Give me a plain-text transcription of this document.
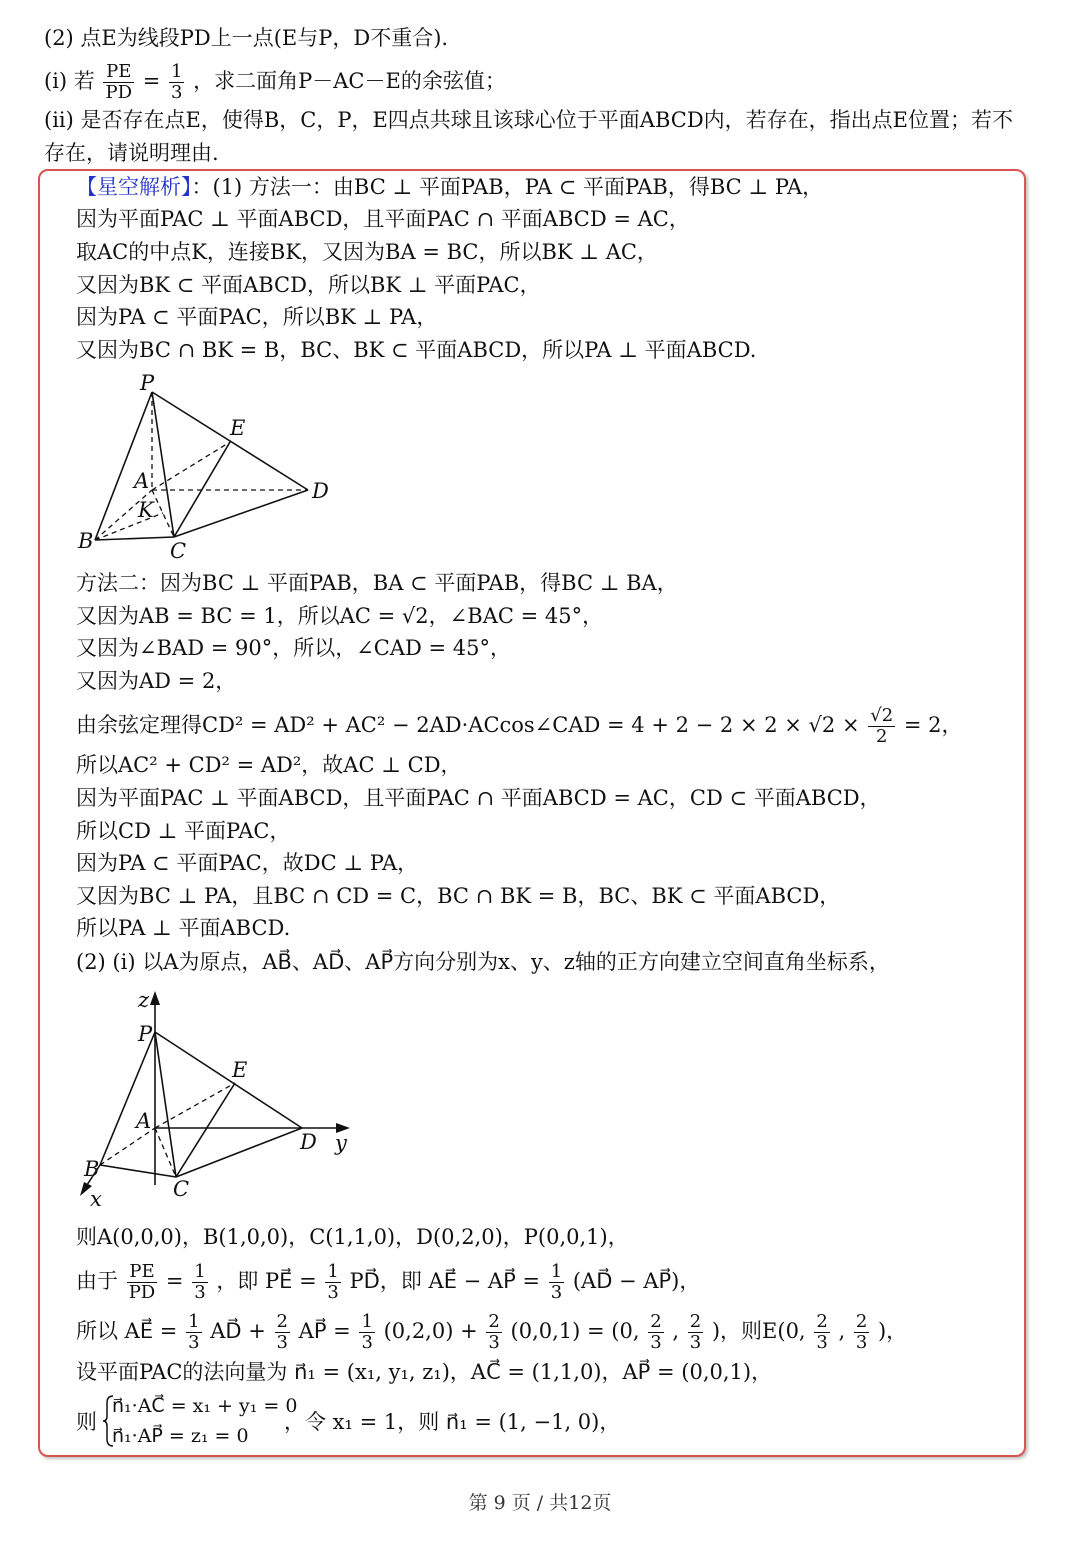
(2) 点E为线段PD上一点(E与P，D不重合).
(i) 若 $\frac{PE}{PD} = \frac{1}{3}$ ，求二面角P－AC－E的余弦值；
(ii) 是否存在点E，使得B，C，P，E四点共球且该球心位于平面ABCD内，若存在，指出点E位置；若不
存在，请说明理由.
【星空解析】：(1) 方法一：由BC ⊥ 平面PAB，PA ⊂ 平面PAB，得BC ⊥ PA，
因为平面PAC ⊥ 平面ABCD，且平面PAC ∩ 平面ABCD = AC，
取AC的中点K，连接BK，又因为BA = BC，所以BK ⊥ AC，
又因为BK ⊂ 平面ABCD，所以BK ⊥ 平面PAC，
因为PA ⊂ 平面PAC，所以BK ⊥ PA，
又因为BC ∩ BK = B，BC、BK ⊂ 平面ABCD，所以PA ⊥ 平面ABCD.
P
E
A
K
D
B	C
方法二：因为BC ⊥ 平面PAB，BA ⊂ 平面PAB，得BC ⊥ BA，
又因为AB = BC = 1，所以AC = √2，∠BAC = 45°，
又因为∠BAD = 90°，所以，∠CAD = 45°，
又因为AD = 2，
由余弦定理得CD² = AD² + AC² − 2AD·ACcos∠CAD = $4 + 2 - 2 \times 2 \times √2 \times \frac{√2}{2} = 2$，
所以AC² + CD² = AD²，故AC ⊥ CD，
因为平面PAC ⊥ 平面ABCD，且平面PAC ∩ 平面ABCD = AC，CD ⊂ 平面ABCD，
所以CD ⊥ 平面PAC，
因为PA ⊂ 平面PAC，故DC ⊥ PA，
又因为BC ⊥ PA，且BC ∩ CD = C，BC ∩ BK = B，BC、BK ⊂ 平面ABCD，
所以PA ⊥ 平面ABCD.
(2) (i) 以A为原点，AB⃗、AD⃗、AP⃗方向分别为x、y、z轴的正方向建立空间直角坐标系，
z
P
E
A
D y
B
C
x
则A(0,0,0)，B(1,0,0)，C(1,1,0)，D(0,2,0)，P(0,0,1)，
由于 $\frac{PE}{PD} = \frac{1}{3}$ ，即 PE⃗ = $\frac{1}{3}$ PD⃗，即 AE⃗ − AP⃗ = $\frac{1}{3}$ (AD⃗ − AP⃗)，
所以 AE⃗ = $\frac{1}{3}$ AD⃗ + $\frac{2}{3}$ AP⃗ = $\frac{1}{3} (0,2,0) + \frac{2}{3} (0,0,1) = (0$, $\frac{2}{3}$ , $\frac{2}{3}$ )，则E(0, $\frac{2}{3}$ , $\frac{2}{3}$ )，
设平面PAC的法向量为 n⃗₁ = (x₁, y₁, z₁)，AC⃗ = (1,1,0)，AP⃗ = (0,0,1)，
则
n⃗₁·AC⃗ = x₁ + y₁ = 0
n⃗₁·AP⃗ = z₁ = 0
，令 x₁ = 1，则 n⃗₁ = (1, −1, 0)，
第 9 页 / 共12页
